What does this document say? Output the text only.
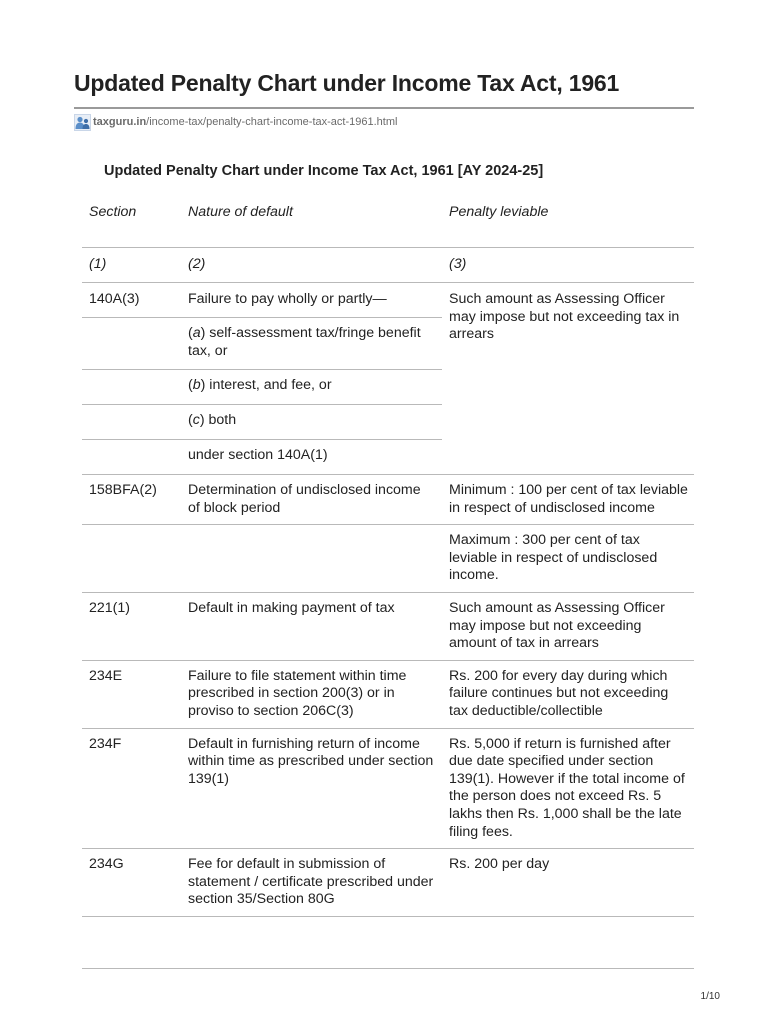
Updated Penalty Chart under Income Tax Act, 1961
taxguru.in /income-tax/penalty-chart-income-tax-act-1961.html
Updated Penalty Chart under Income Tax Act, 1961 [AY 2024-25]
Section	Nature of default	Penalty leviable

(1)	(2)	(3)

140A(3)	Failure to pay wholly or partly—	Such amount as Assessing Officer may impose but not exceeding tax in arrears

	(a) self-assessment tax/fringe benefit tax, or	

	(b) interest, and fee, or	

	(c) both	

	under section 140A(1)	

158BFA(2)	Determination of undisclosed income of block period	Minimum : 100 per cent of tax leviable in respect of undisclosed income

		Maximum : 300 per cent of tax leviable in respect of undisclosed income.

221(1)	Default in making payment of tax	Such amount as Assessing Officer may impose but not exceeding amount of tax in arrears

234E	Failure to file statement within time prescribed in section 200(3) or in proviso to section 206C(3)	Rs. 200 for every day during which failure continues but not exceeding tax deductible/collectible

234F	Default in furnishing return of income within time as prescribed under section 139(1)	Rs. 5,000 if return is furnished after due date specified under section 139(1). However if the total income of the person does not exceed Rs. 5 lakhs then Rs. 1,000 shall be the late filing fees.

234G	Fee for default in submission of statement / certificate prescribed under section 35/Section 80G	Rs. 200 per day
1/10
